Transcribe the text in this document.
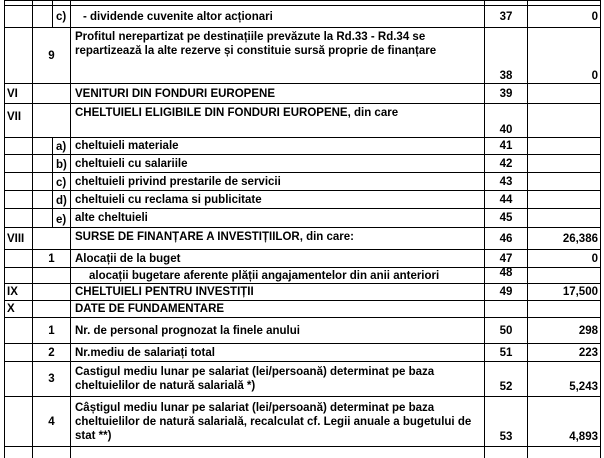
		c)	- dividende cuvenite altor acționari	37	0
	9		Profitul nerepartizat pe destinațiile prevăzute la Rd.33 - Rd.34 se repartizează la alte rezerve și constituie sursă proprie de finanțare	38	0
VI			VENITURI DIN FONDURI EUROPENE	39	
VII			CHELTUIELI ELIGIBILE DIN FONDURI EUROPENE, din care	40	
		a)	cheltuieli materiale	41	
		b)	cheltuieli cu salariile	42	
		c)	cheltuieli privind prestarile de servicii	43	
		d)	cheltuieli cu reclama si publicitate	44	
		e)	alte cheltuieli	45	
VIII			SURSE DE FINANȚARE A INVESTIȚIILOR, din care:	46	26,386
	1		Alocații de la buget	47	0
			alocații bugetare aferente plății angajamentelor din anii anteriori	48	
IX			CHELTUIELI PENTRU INVESTIȚII	49	17,500
X			DATE DE FUNDAMENTARE		
	1		Nr. de personal prognozat la finele anului	50	298
	2		Nr.mediu de salariați total	51	223
	3		Castigul mediu lunar pe salariat (lei/persoană) determinat pe baza cheltuielilor de natură salarială *)	52	5,243
	4		Câștigul mediu lunar pe salariat (lei/persoană) determinat pe baza cheltuielilor de natură salarială, recalculat cf. Legii anuale a bugetului de stat **)	53	4,893
